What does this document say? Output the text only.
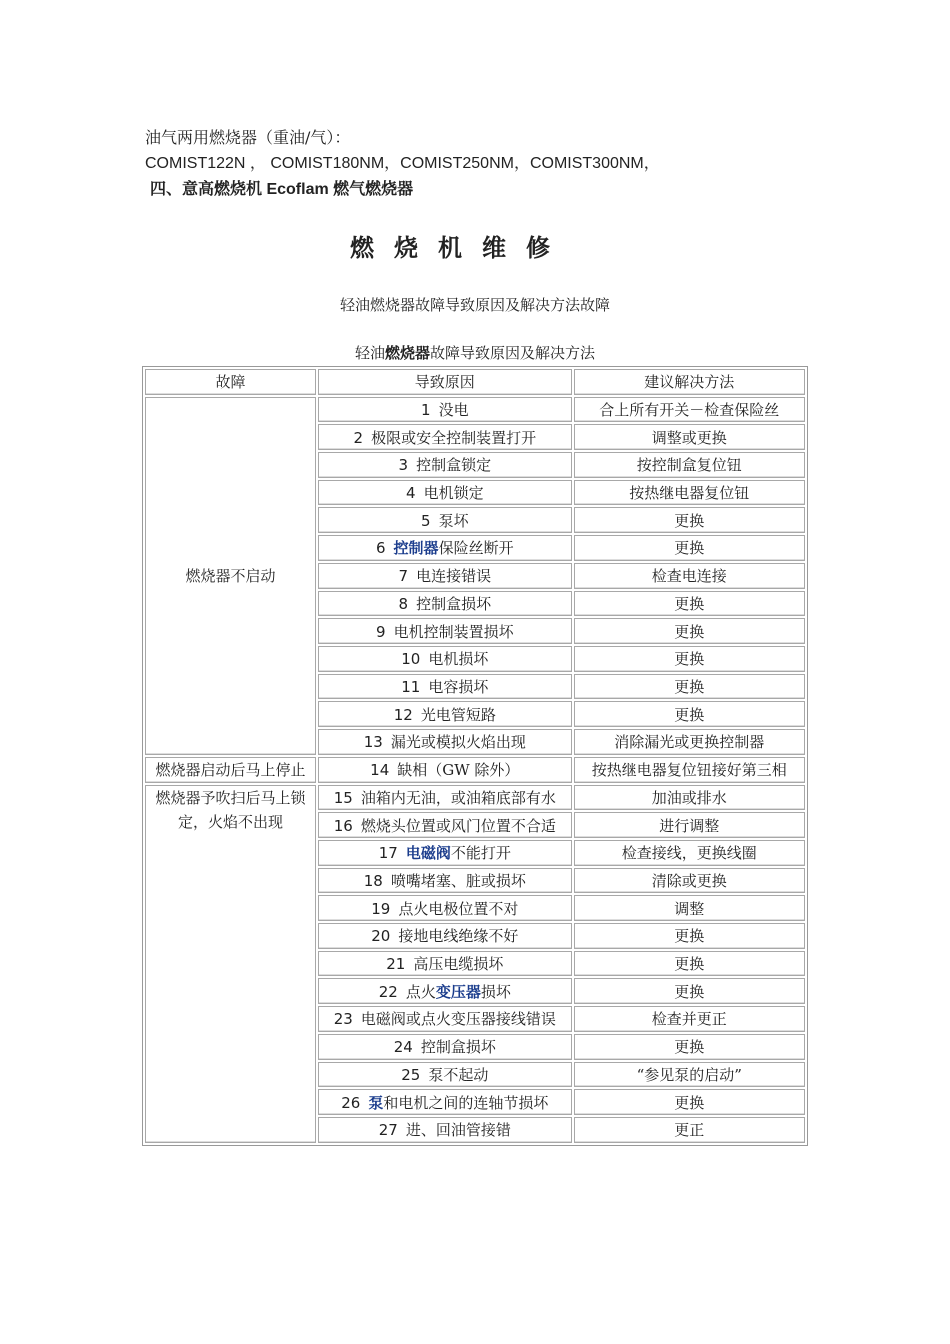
油气两用燃烧器（重油/气）：
COMIST122N ， COMIST180NM，COMIST250NM，COMIST300NM，
四、意高燃烧机 Ecoflam 燃气燃烧器
燃烧机维修
轻油燃烧器故障导致原因及解决方法故障
轻油燃烧器故障导致原因及解决方法
故障	导致原因	建议解决方法
燃烧器不启动	1 没电	合上所有开关－检查保险丝
	2 极限或安全控制装置打开	调整或更换
	3 控制盒锁定	按控制盒复位钮
	4 电机锁定	按热继电器复位钮
	5 泵坏	更换
	6 控制器保险丝断开	更换
	7 电连接错误	检查电连接
	8 控制盒损坏	更换
	9 电机控制装置损坏	更换
	10 电机损坏	更换
	11 电容损坏	更换
	12 光电管短路	更换
	13 漏光或模拟火焰出现	消除漏光或更换控制器
燃烧器启动后马上停止	14 缺相（GW 除外）	按热继电器复位钮接好第三相
燃烧器予吹扫后马上锁定，火焰不出现	15 油箱内无油，或油箱底部有水	加油或排水
	16 燃烧头位置或风门位置不合适	进行调整
	17 电磁阀不能打开	检查接线，更换线圈
	18 喷嘴堵塞、脏或损坏	清除或更换
	19 点火电极位置不对	调整
	20 接地电线绝缘不好	更换
	21 高压电缆损坏	更换
	22 点火变压器损坏	更换
	23 电磁阀或点火变压器接线错误	检查并更正
	24 控制盒损坏	更换
	25 泵不起动	“参见泵的启动”
	26 泵和电机之间的连轴节损坏	更换
	27 进、回油管接错	更正
